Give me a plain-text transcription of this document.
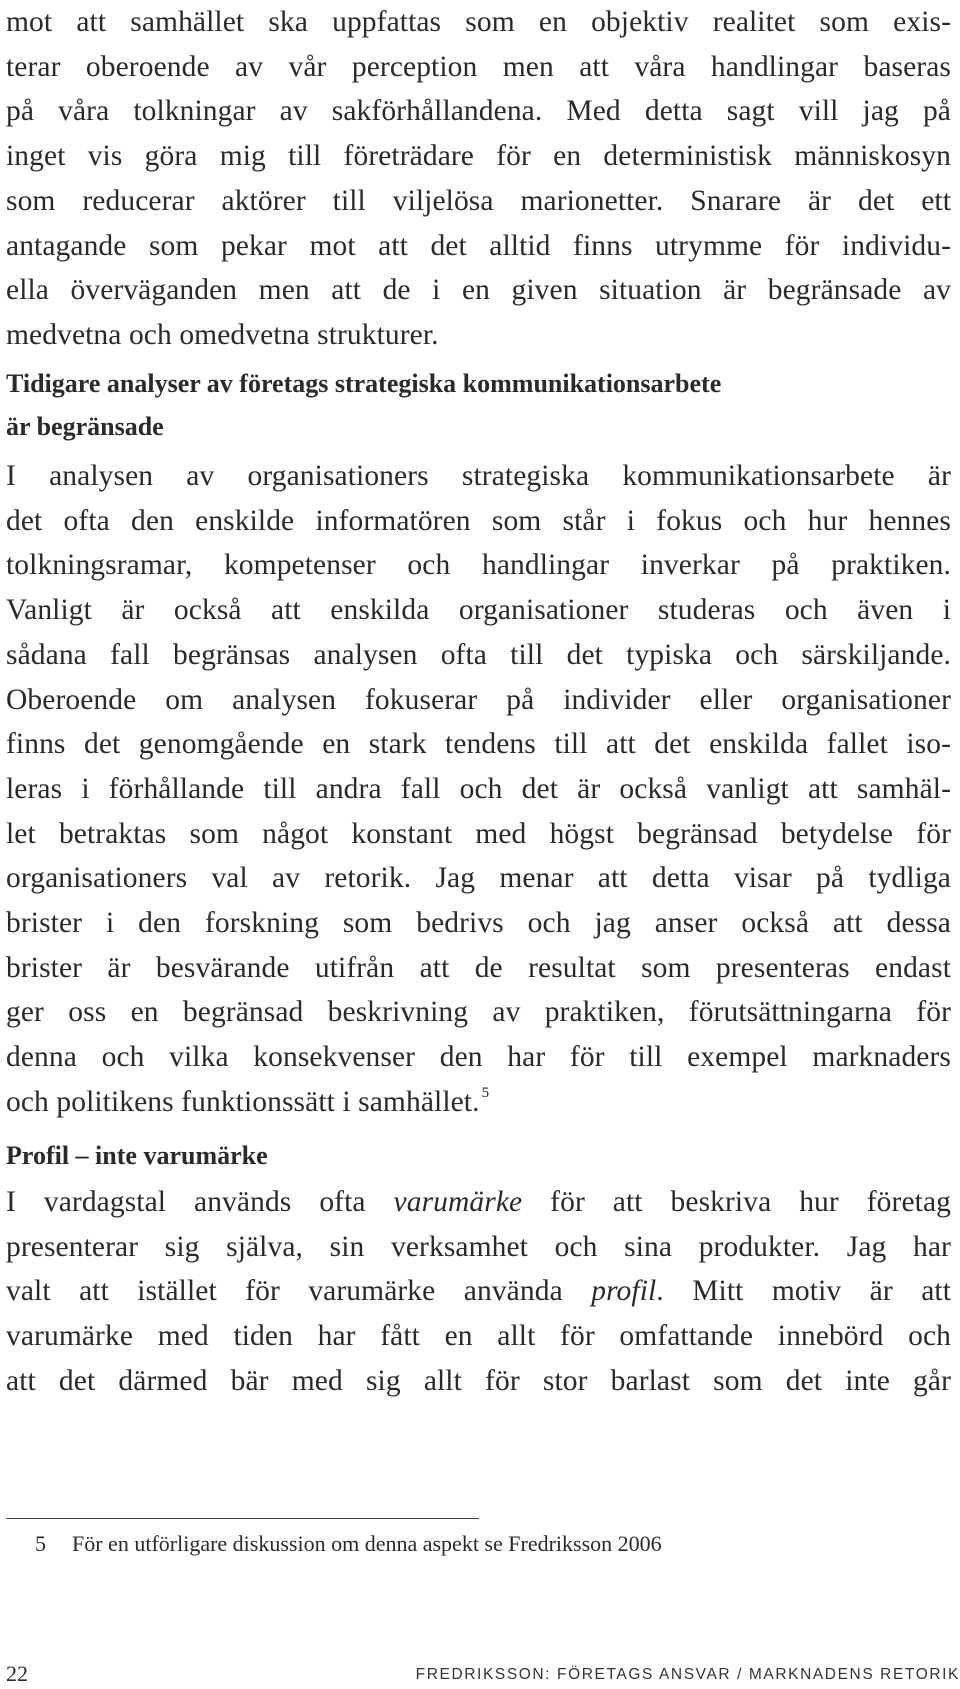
mot att samhället ska uppfattas som en objektiv realitet som exis-
terar oberoende av vår perception men att våra handlingar baseras
på våra tolkningar av sakförhållandena. Med detta sagt vill jag på
inget vis göra mig till företrädare för en deterministisk människosyn
som reducerar aktörer till viljelösa marionetter. Snarare är det ett
antagande som pekar mot att det alltid finns utrymme för individu-
ella överväganden men att de i en given situation är begränsade av
medvetna och omedvetna strukturer.
Tidigare analyser av företags strategiska kommunikationsarbete
är begränsade
I analysen av organisationers strategiska kommunikationsarbete är
det ofta den enskilde informatören som står i fokus och hur hennes
tolkningsramar, kompetenser och handlingar inverkar på praktiken.
Vanligt är också att enskilda organisationer studeras och även i
sådana fall begränsas analysen ofta till det typiska och särskiljande.
Oberoende om analysen fokuserar på individer eller organisationer
finns det genomgående en stark tendens till att det enskilda fallet iso-
leras i förhållande till andra fall och det är också vanligt att samhäl-
let betraktas som något konstant med högst begränsad betydelse för
organisationers val av retorik. Jag menar att detta visar på tydliga
brister i den forskning som bedrivs och jag anser också att dessa
brister är besvärande utifrån att de resultat som presenteras endast
ger oss en begränsad beskrivning av praktiken, förutsättningarna för
denna och vilka konsekvenser den har för till exempel marknaders
och politikens funktionssätt i samhället. $^5$
Profil – inte varumärke
I vardagstal används ofta varumärke för att beskriva hur företag
presenterar sig själva, sin verksamhet och sina produkter. Jag har
valt att istället för varumärke använda profil. Mitt motiv är att
varumärke med tiden har fått en allt för omfattande innebörd och
att det därmed bär med sig allt för stor barlast som det inte går
5 För en utförligare diskussion om denna aspekt se Fredriksson 2006
22	FREDRIKSSON: FÖRETAGS ANSVAR / MARKNADENS RETORIK
